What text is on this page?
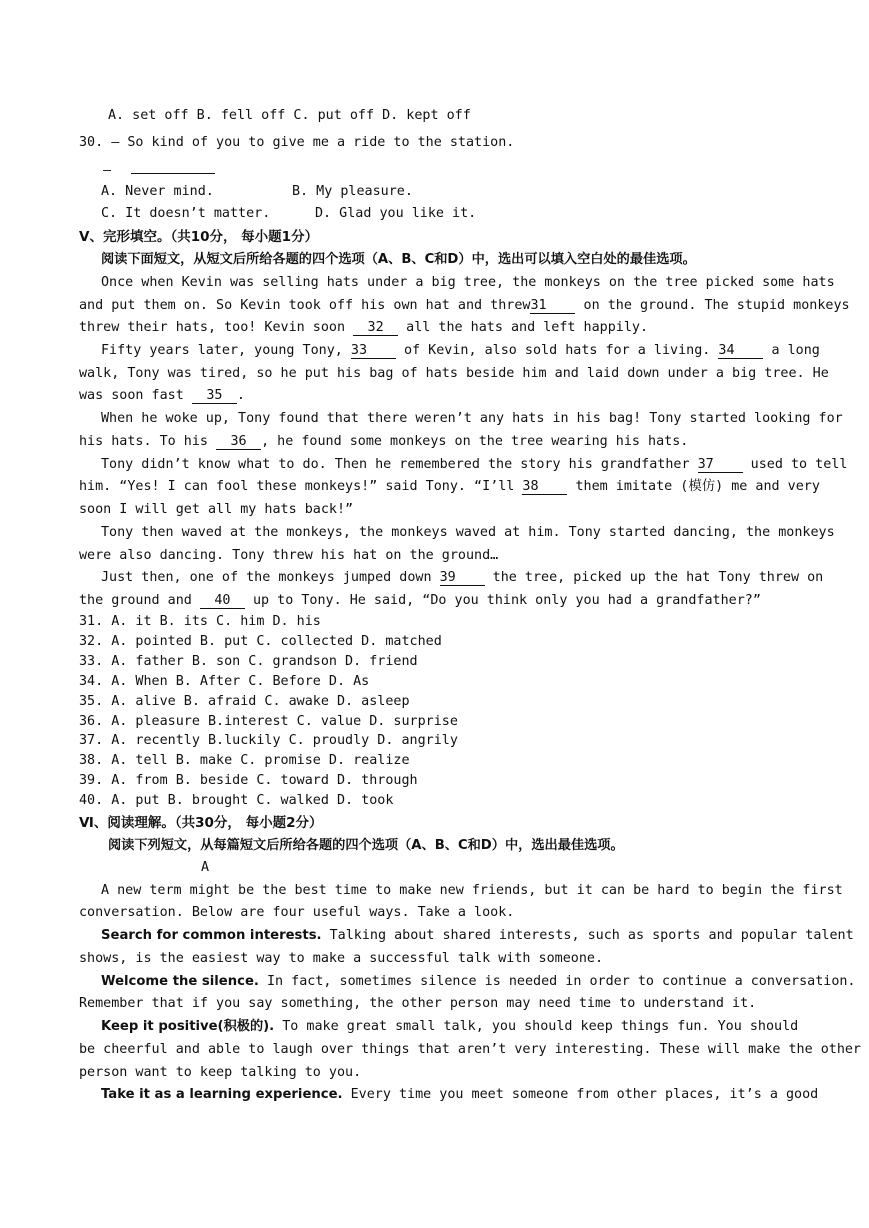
A. set off B. fell off C. put off D. kept off
30. – So kind of you to give me a ride to the station.
–
A. Never mind.	B. My pleasure.
C. It doesn’t matter.	D. Glad you like it.
Ⅴ、完形填空。（共10分， 每小题1分）
阅读下面短文，从短文后所给各题的四个选项（A、B、C和D）中，选出可以填入空白处的最佳选项。
Once when Kevin was selling hats under a big tree, the monkeys on the tree picked some hats
and put them on. So Kevin took off his own hat and threw31 on the ground. The stupid monkeys
threw their hats, too! Kevin soon 32 all the hats and left happily.
Fifty years later, young Tony, 33 of Kevin, also sold hats for a living. 34 a long
walk, Tony was tired, so he put his bag of hats beside him and laid down under a big tree. He
was soon fast 35 .
When he woke up, Tony found that there weren’t any hats in his bag! Tony started looking for
his hats. To his 36 , he found some monkeys on the tree wearing his hats.
Tony didn’t know what to do. Then he remembered the story his grandfather 37 used to tell
him. “Yes! I can fool these monkeys!” said Tony. “I’ll 38 them imitate (模仿) me and very
soon I will get all my hats back!”
Tony then waved at the monkeys, the monkeys waved at him. Tony started dancing, the monkeys
were also dancing. Tony threw his hat on the ground…
Just then, one of the monkeys jumped down 39 the tree, picked up the hat Tony threw on
the ground and 40 up to Tony. He said, “Do you think only you had a grandfather?”
31. A. it B. its C. him D. his
32. A. pointed B. put C. collected D. matched
33. A. father B. son C. grandson D. friend
34. A. When B. After C. Before D. As
35. A. alive B. afraid C. awake D. asleep
36. A. pleasure B.interest C. value D. surprise
37. A. recently B.luckily C. proudly D. angrily
38. A. tell B. make C. promise D. realize
39. A. from B. beside C. toward D. through
40. A. put B. brought C. walked D. took
Ⅵ、阅读理解。（共30分， 每小题2分）
阅读下列短文，从每篇短文后所给各题的四个选项（A、B、C和D）中，选出最佳选项。
A
A new term might be the best time to make new friends, but it can be hard to begin the first
conversation. Below are four useful ways. Take a look.
Search for common interests. Talking about shared interests, such as sports and popular talent
shows, is the easiest way to make a successful talk with someone.
Welcome the silence. In fact, sometimes silence is needed in order to continue a conversation.
Remember that if you say something, the other person may need time to understand it.
Keep it positive(积极的). To make great small talk, you should keep things fun. You should
be cheerful and able to laugh over things that aren’t very interesting. These will make the other
person want to keep talking to you.
Take it as a learning experience. Every time you meet someone from other places, it’s a good
